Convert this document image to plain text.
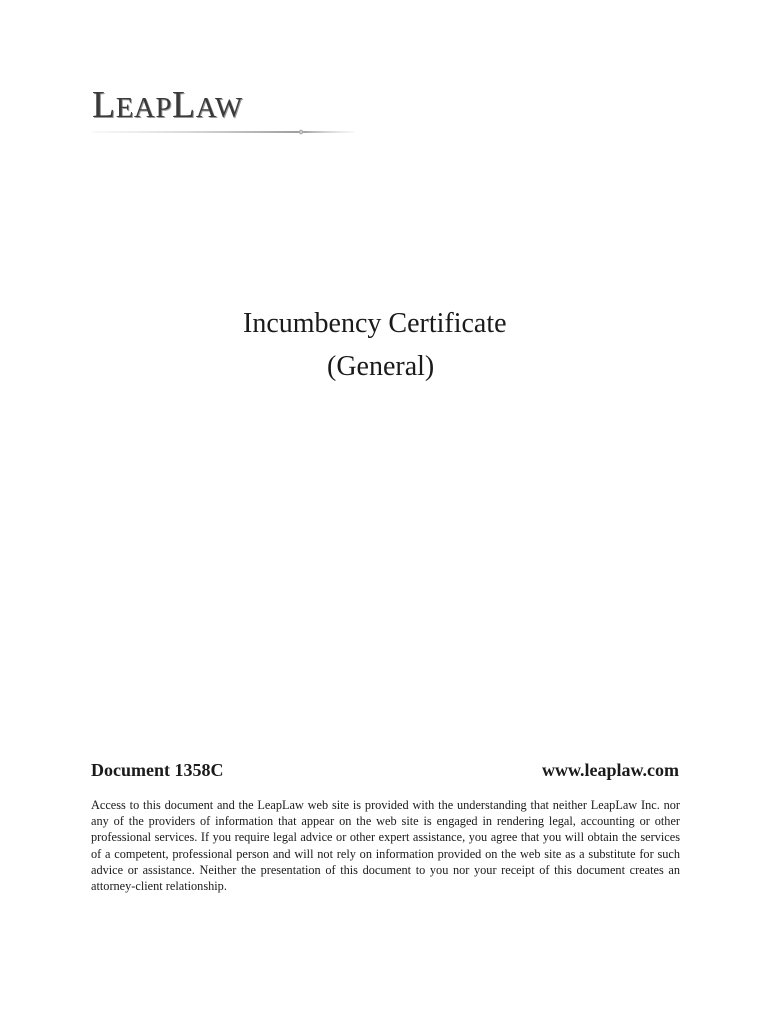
LEAPLAW
Incumbency Certificate
(General)
Document 1358C	www.leaplaw.com
Access to this document and the LeapLaw web site is provided with the understanding that neither LeapLaw Inc. nor any of the providers of information that appear on the web site is engaged in rendering legal, accounting or other professional services. If you require legal advice or other expert assistance, you agree that you will obtain the services of a competent, professional person and will not rely on information provided on the web site as a substitute for such advice or assistance. Neither the presentation of this document to you nor your receipt of this document creates an attorney-client relationship.
